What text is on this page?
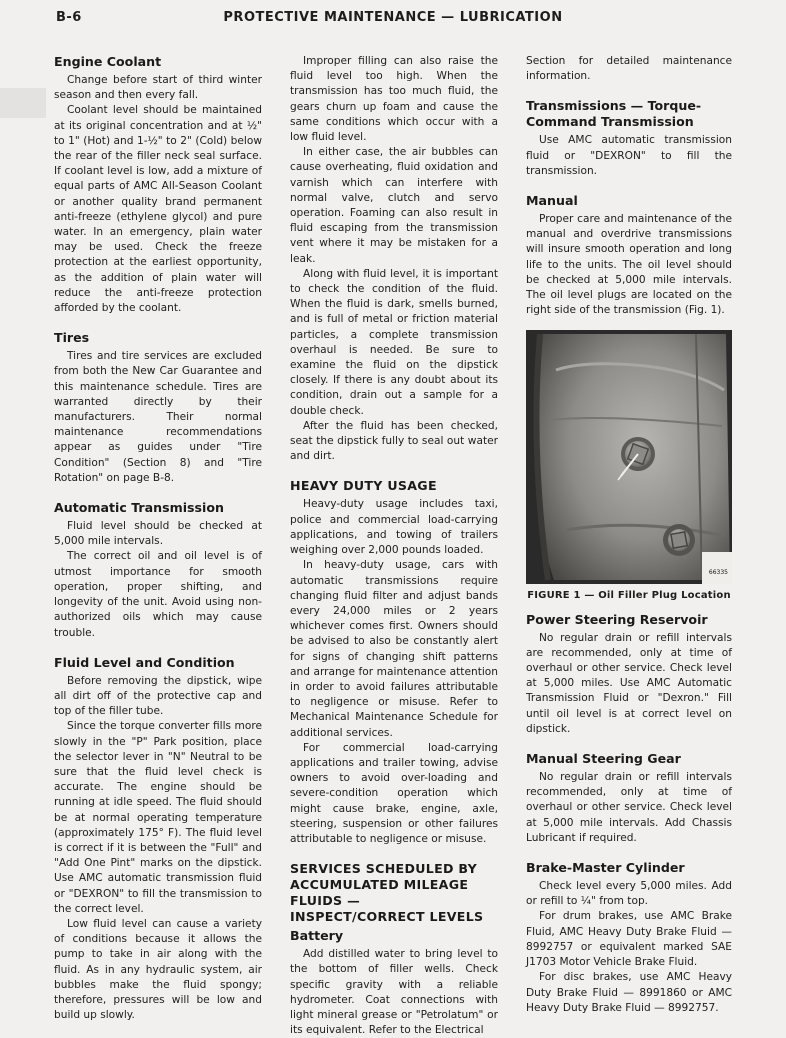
B-6	PROTECTIVE MAINTENANCE — LUBRICATION
Engine Coolant

Change before start of third winter season and then every fall.

Coolant level should be maintained at its original concentration and at ½" to 1" (Hot) and 1-½" to 2" (Cold) below the rear of the filler neck seal surface. If coolant level is low, add a mixture of equal parts of AMC All-Season Coolant or another quality brand permanent anti-freeze (ethylene glycol) and pure water. In an emergency, plain water may be used. Check the freeze protection at the earliest opportunity, as the addition of plain water will reduce the anti-freeze protection afforded by the coolant.

Tires

Tires and tire services are excluded from both the New Car Guarantee and this maintenance schedule. Tires are warranted directly by their manufacturers. Their normal maintenance recommendations appear as guides under "Tire Condition" (Section 8) and "Tire Rotation" on page B-8.

Automatic Transmission

Fluid level should be checked at 5,000 mile intervals.

The correct oil and oil level is of utmost importance for smooth operation, proper shifting, and longevity of the unit. Avoid using non-authorized oils which may cause trouble.

Fluid Level and Condition

Before removing the dipstick, wipe all dirt off of the protective cap and top of the filler tube.

Since the torque converter fills more slowly in the "P" Park position, place the selector lever in "N" Neutral to be sure that the fluid level check is accurate. The engine should be running at idle speed. The fluid should be at normal operating temperature (approximately 175° F). The fluid level is correct if it is between the "Full" and "Add One Pint" marks on the dipstick. Use AMC automatic transmission fluid or "DEXRON" to fill the transmission to the correct level.

Low fluid level can cause a variety of conditions because it allows the pump to take in air along with the fluid. As in any hydraulic system, air bubbles make the fluid spongy; therefore, pressures will be low and build up slowly.

Improper filling can also raise the fluid level too high. When the transmission has too much fluid, the gears churn up foam and cause the same conditions which occur with a low fluid level.

In either case, the air bubbles can cause overheating, fluid oxidation and varnish which can interfere with normal valve, clutch and servo operation. Foaming can also result in fluid escaping from the transmission vent where it may be mistaken for a leak.

Along with fluid level, it is important to check the condition of the fluid. When the fluid is dark, smells burned, and is full of metal or friction material particles, a complete transmission overhaul is needed. Be sure to examine the fluid on the dipstick closely. If there is any doubt about its condition, drain out a sample for a double check.

After the fluid has been checked, seat the dipstick fully to seal out water and dirt.

HEAVY DUTY USAGE

Heavy-duty usage includes taxi, police and commercial load-carrying applications, and towing of trailers weighing over 2,000 pounds loaded.

In heavy-duty usage, cars with automatic transmissions require changing fluid filter and adjust bands every 24,000 miles or 2 years whichever comes first. Owners should be advised to also be constantly alert for signs of changing shift patterns and arrange for maintenance attention in order to avoid failures attributable to negligence or misuse. Refer to Mechanical Maintenance Schedule for additional services.

For commercial load-carrying applications and trailer towing, advise owners to avoid over-loading and severe-condition operation which might cause brake, engine, axle, steering, suspension or other failures attributable to negligence or misuse.

SERVICES SCHEDULED BY ACCUMULATED MILEAGE FLUIDS — INSPECT/CORRECT LEVELS
Battery

Add distilled water to bring level to the bottom of filler wells. Check specific gravity with a reliable hydrometer. Coat connections with light mineral grease or "Petrolatum" or its equivalent. Refer to the Electrical

Section for detailed maintenance information.

Transmissions — Torque-Command Transmission

Use AMC automatic transmission fluid or "DEXRON" to fill the transmission.

Manual

Proper care and maintenance of the manual and overdrive transmissions will insure smooth operation and long life to the units. The oil level should be checked at 5,000 mile intervals. The oil level plugs are located on the right side of the transmission (Fig. 1).

66335
FIGURE 1 — Oil Filler Plug Location
Power Steering Reservoir

No regular drain or refill intervals are recommended, only at time of overhaul or other service. Check level at 5,000 miles. Use AMC Automatic Transmission Fluid or "Dexron." Fill until oil level is at correct level on dipstick.

Manual Steering Gear

No regular drain or refill intervals recommended, only at time of overhaul or other service. Check level at 5,000 mile intervals. Add Chassis Lubricant if required.

Brake-Master Cylinder

Check level every 5,000 miles. Add or refill to ¼" from top.

For drum brakes, use AMC Brake Fluid, AMC Heavy Duty Brake Fluid — 8992757 or equivalent marked SAE J1703 Motor Vehicle Brake Fluid.

For disc brakes, use AMC Heavy Duty Brake Fluid — 8991860 or AMC Heavy Duty Brake Fluid — 8992757.
